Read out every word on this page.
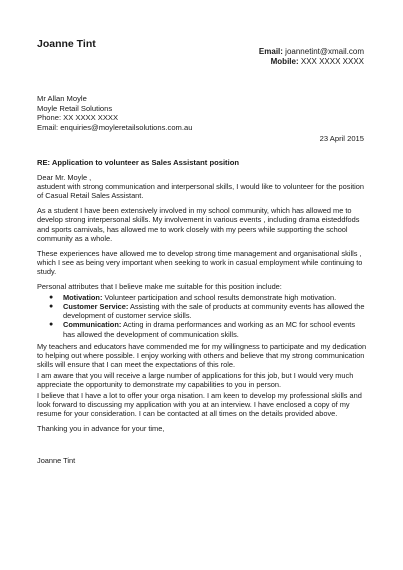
Joanne Tint
Email: joannetint@xmail.com
Mobile: XXX XXXX XXXX
Mr Allan Moyle
Moyle Retail Solutions
Phone: XX XXXX XXXX
Email: enquiries@moyleretailsolutions.com.au
23 April 2015
RE: Application to volunteer as Sales Assistant position
Dear Mr. Moyle ,

astudent with strong communication and interpersonal skills, I would like to volunteer for the position of Casual Retail Sales Assistant.

As a student I have been extensively involved in my school community, which has allowed me to develop strong interpersonal skills. My involvement in various events , including drama eisteddfods and sports carnivals, has allowed me to work closely with my peers while supporting the school community as a whole.

These experiences have allowed me to develop strong time management and organisational skills , which I see as being very important when seeking to work in casual employment while continuing to study.

Personal attributes that I believe make me suitable for this position include:

● Motivation: Volunteer participation and school results demonstrate high motivation.
● Customer Service: Assisting with the sale of products at community events has allowed the development of customer service skills.
● Communication: Acting in drama performances and working as an MC for school events has allowed the development of communication skills.

My teachers and educators have commended me for my willingness to participate and my dedication to helping out where possible. I enjoy working with others and believe that my strong communication skills will ensure that I can meet the expectations of this role.

I am aware that you will receive a large number of applications for this job, but I would very much appreciate the opportunity to demonstrate my capabilities to you in person.

I believe that I have a lot to offer your orga nisation. I am keen to develop my professional skills and look forward to discussing my application with you at an interview. I have enclosed a copy of my resume for your consideration. I can be contacted at all times on the details provided above.

Thanking you in advance for your time,

Joanne Tint
